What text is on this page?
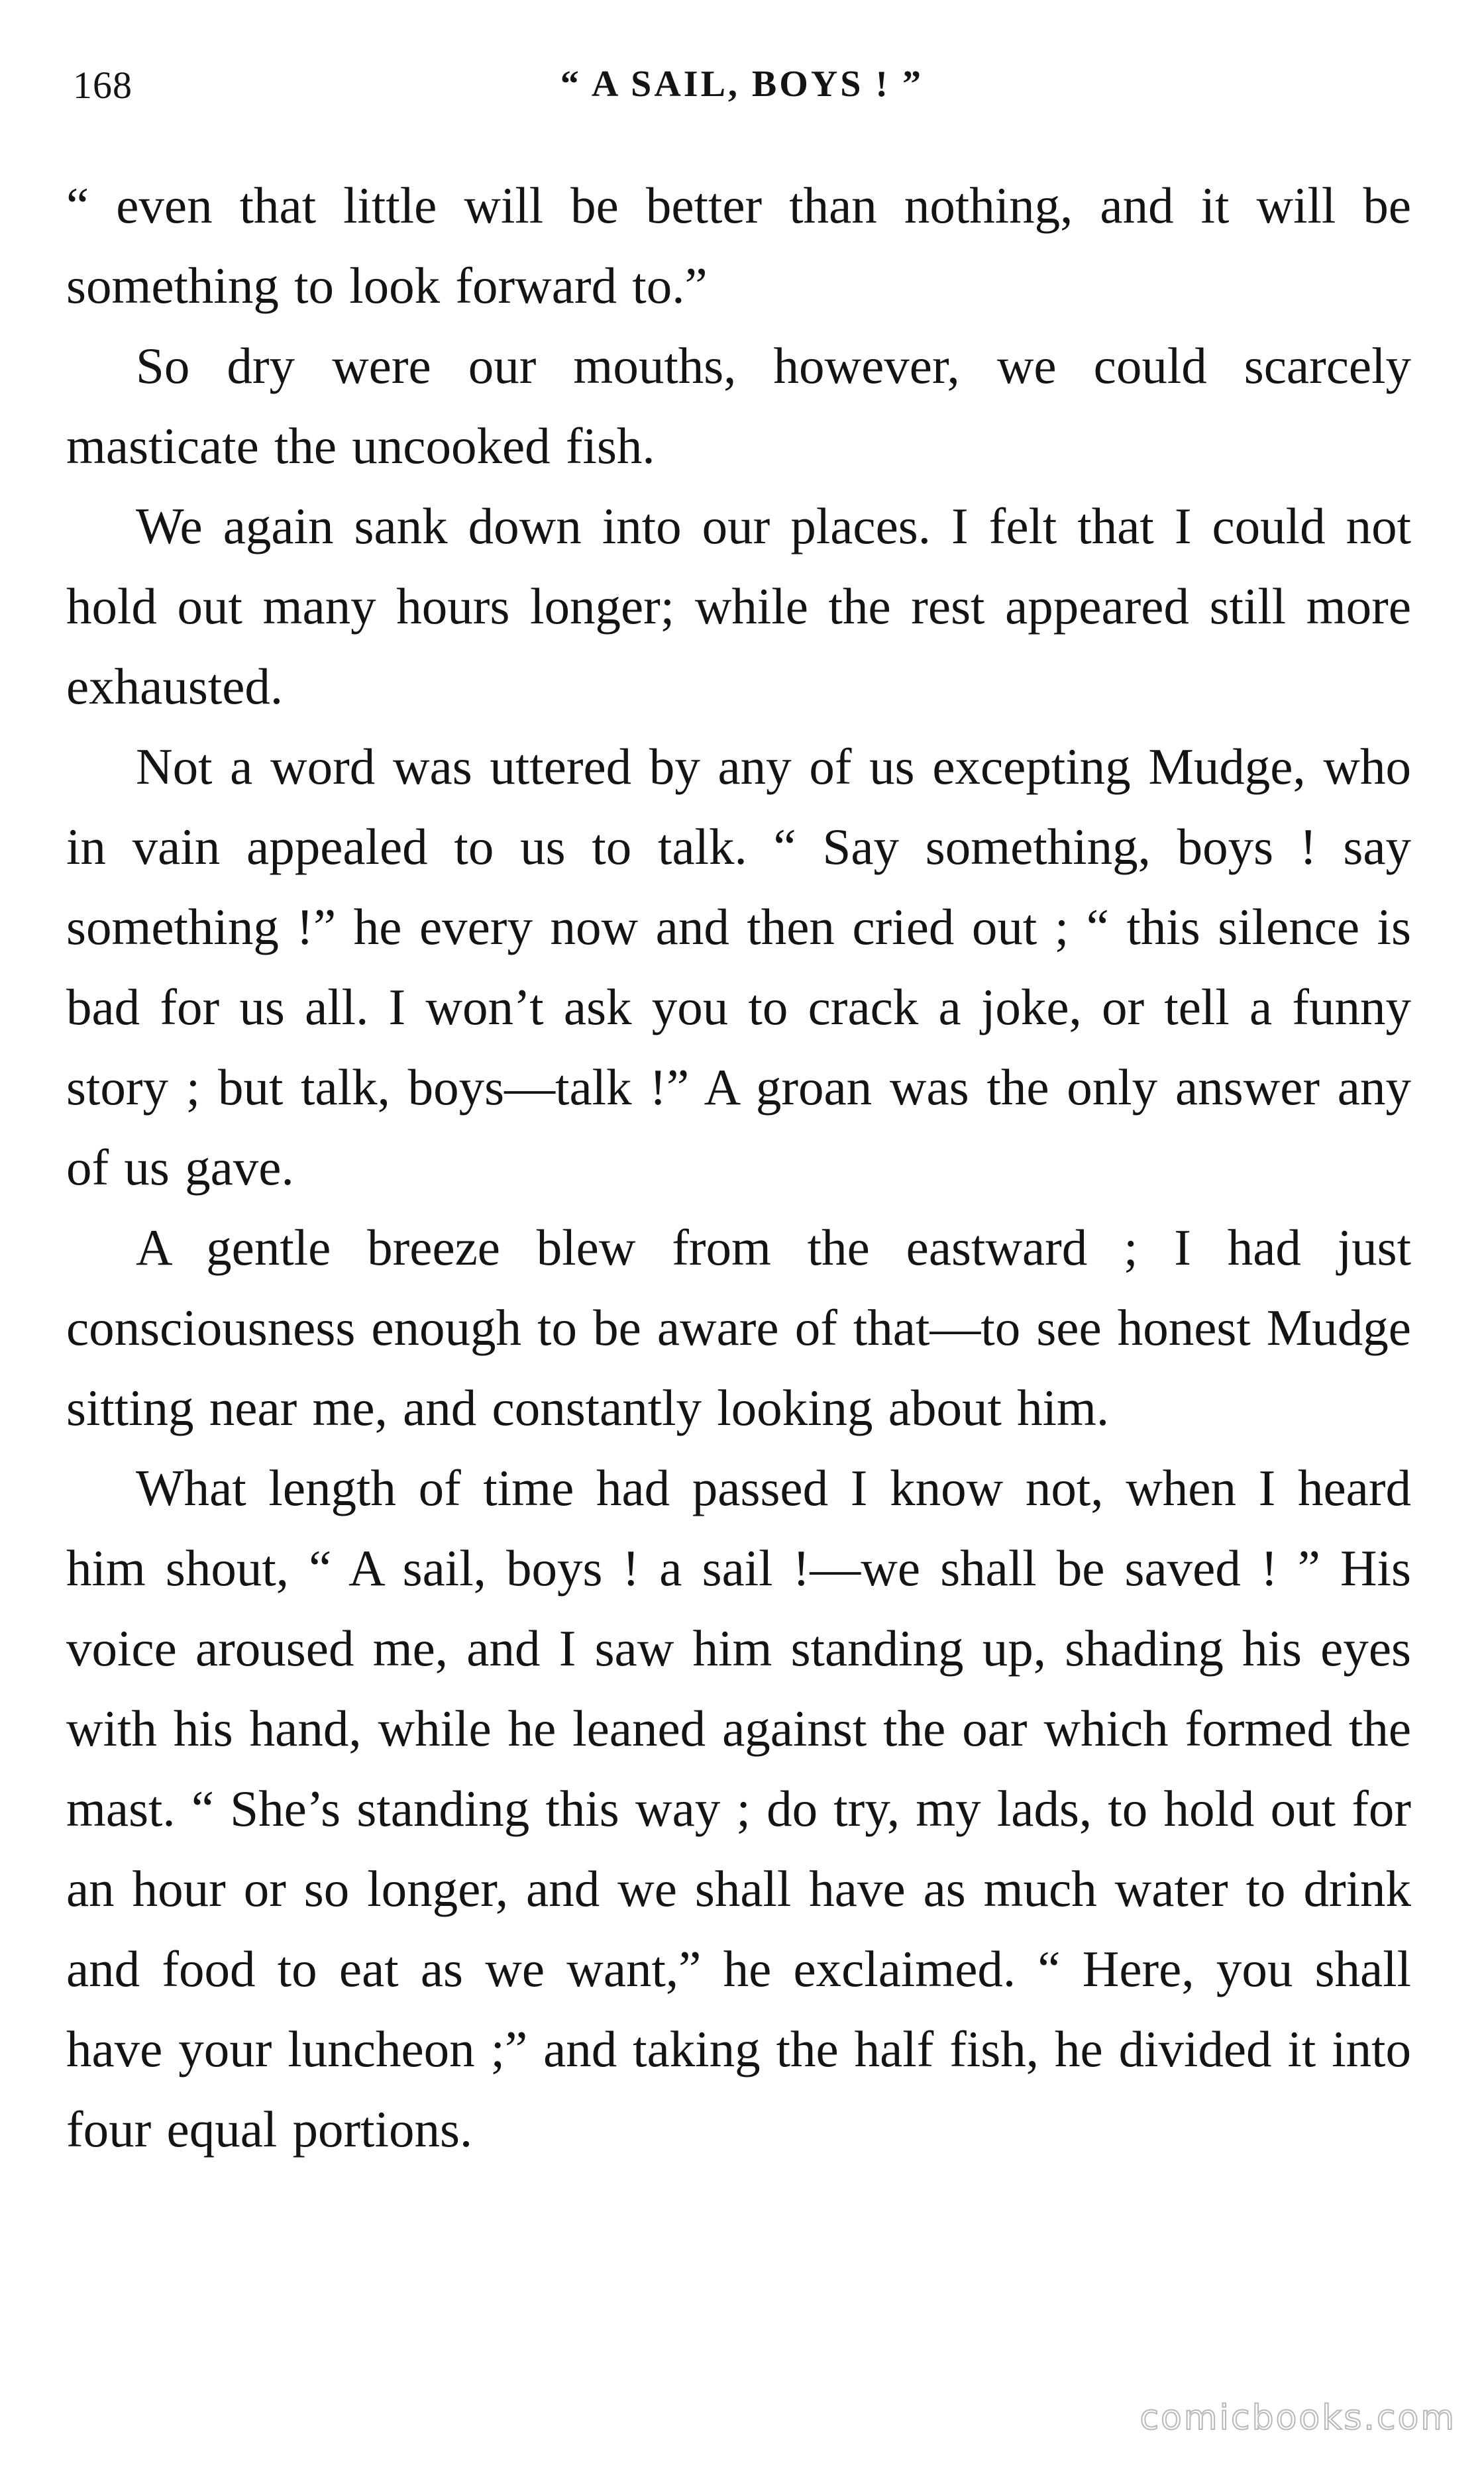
168	“ A SAIL, BOYS ! ”

“ even that little will be better than nothing, and it will be something to look forward to.”

So dry were our mouths, however, we could scarcely masticate the uncooked fish.

We again sank down into our places. I felt that I could not hold out many hours longer; while the rest appeared still more exhausted.

Not a word was uttered by any of us excepting Mudge, who in vain appealed to us to talk. “ Say something, boys ! say something !” he every now and then cried out ; “ this silence is bad for us all. I won’t ask you to crack a joke, or tell a funny story ; but talk, boys—talk !” A groan was the only answer any of us gave.

A gentle breeze blew from the eastward ; I had just consciousness enough to be aware of that—to see honest Mudge sitting near me, and constantly looking about him.

What length of time had passed I know not, when I heard him shout, “ A sail, boys ! a sail !—we shall be saved ! ” His voice aroused me, and I saw him standing up, shading his eyes with his hand, while he leaned against the oar which formed the mast. “ She’s standing this way ; do try, my lads, to hold out for an hour or so longer, and we shall have as much water to drink and food to eat as we want,” he exclaimed. “ Here, you shall have your luncheon ;” and taking the half fish, he divided it into four equal portions.

comicbooks.com
